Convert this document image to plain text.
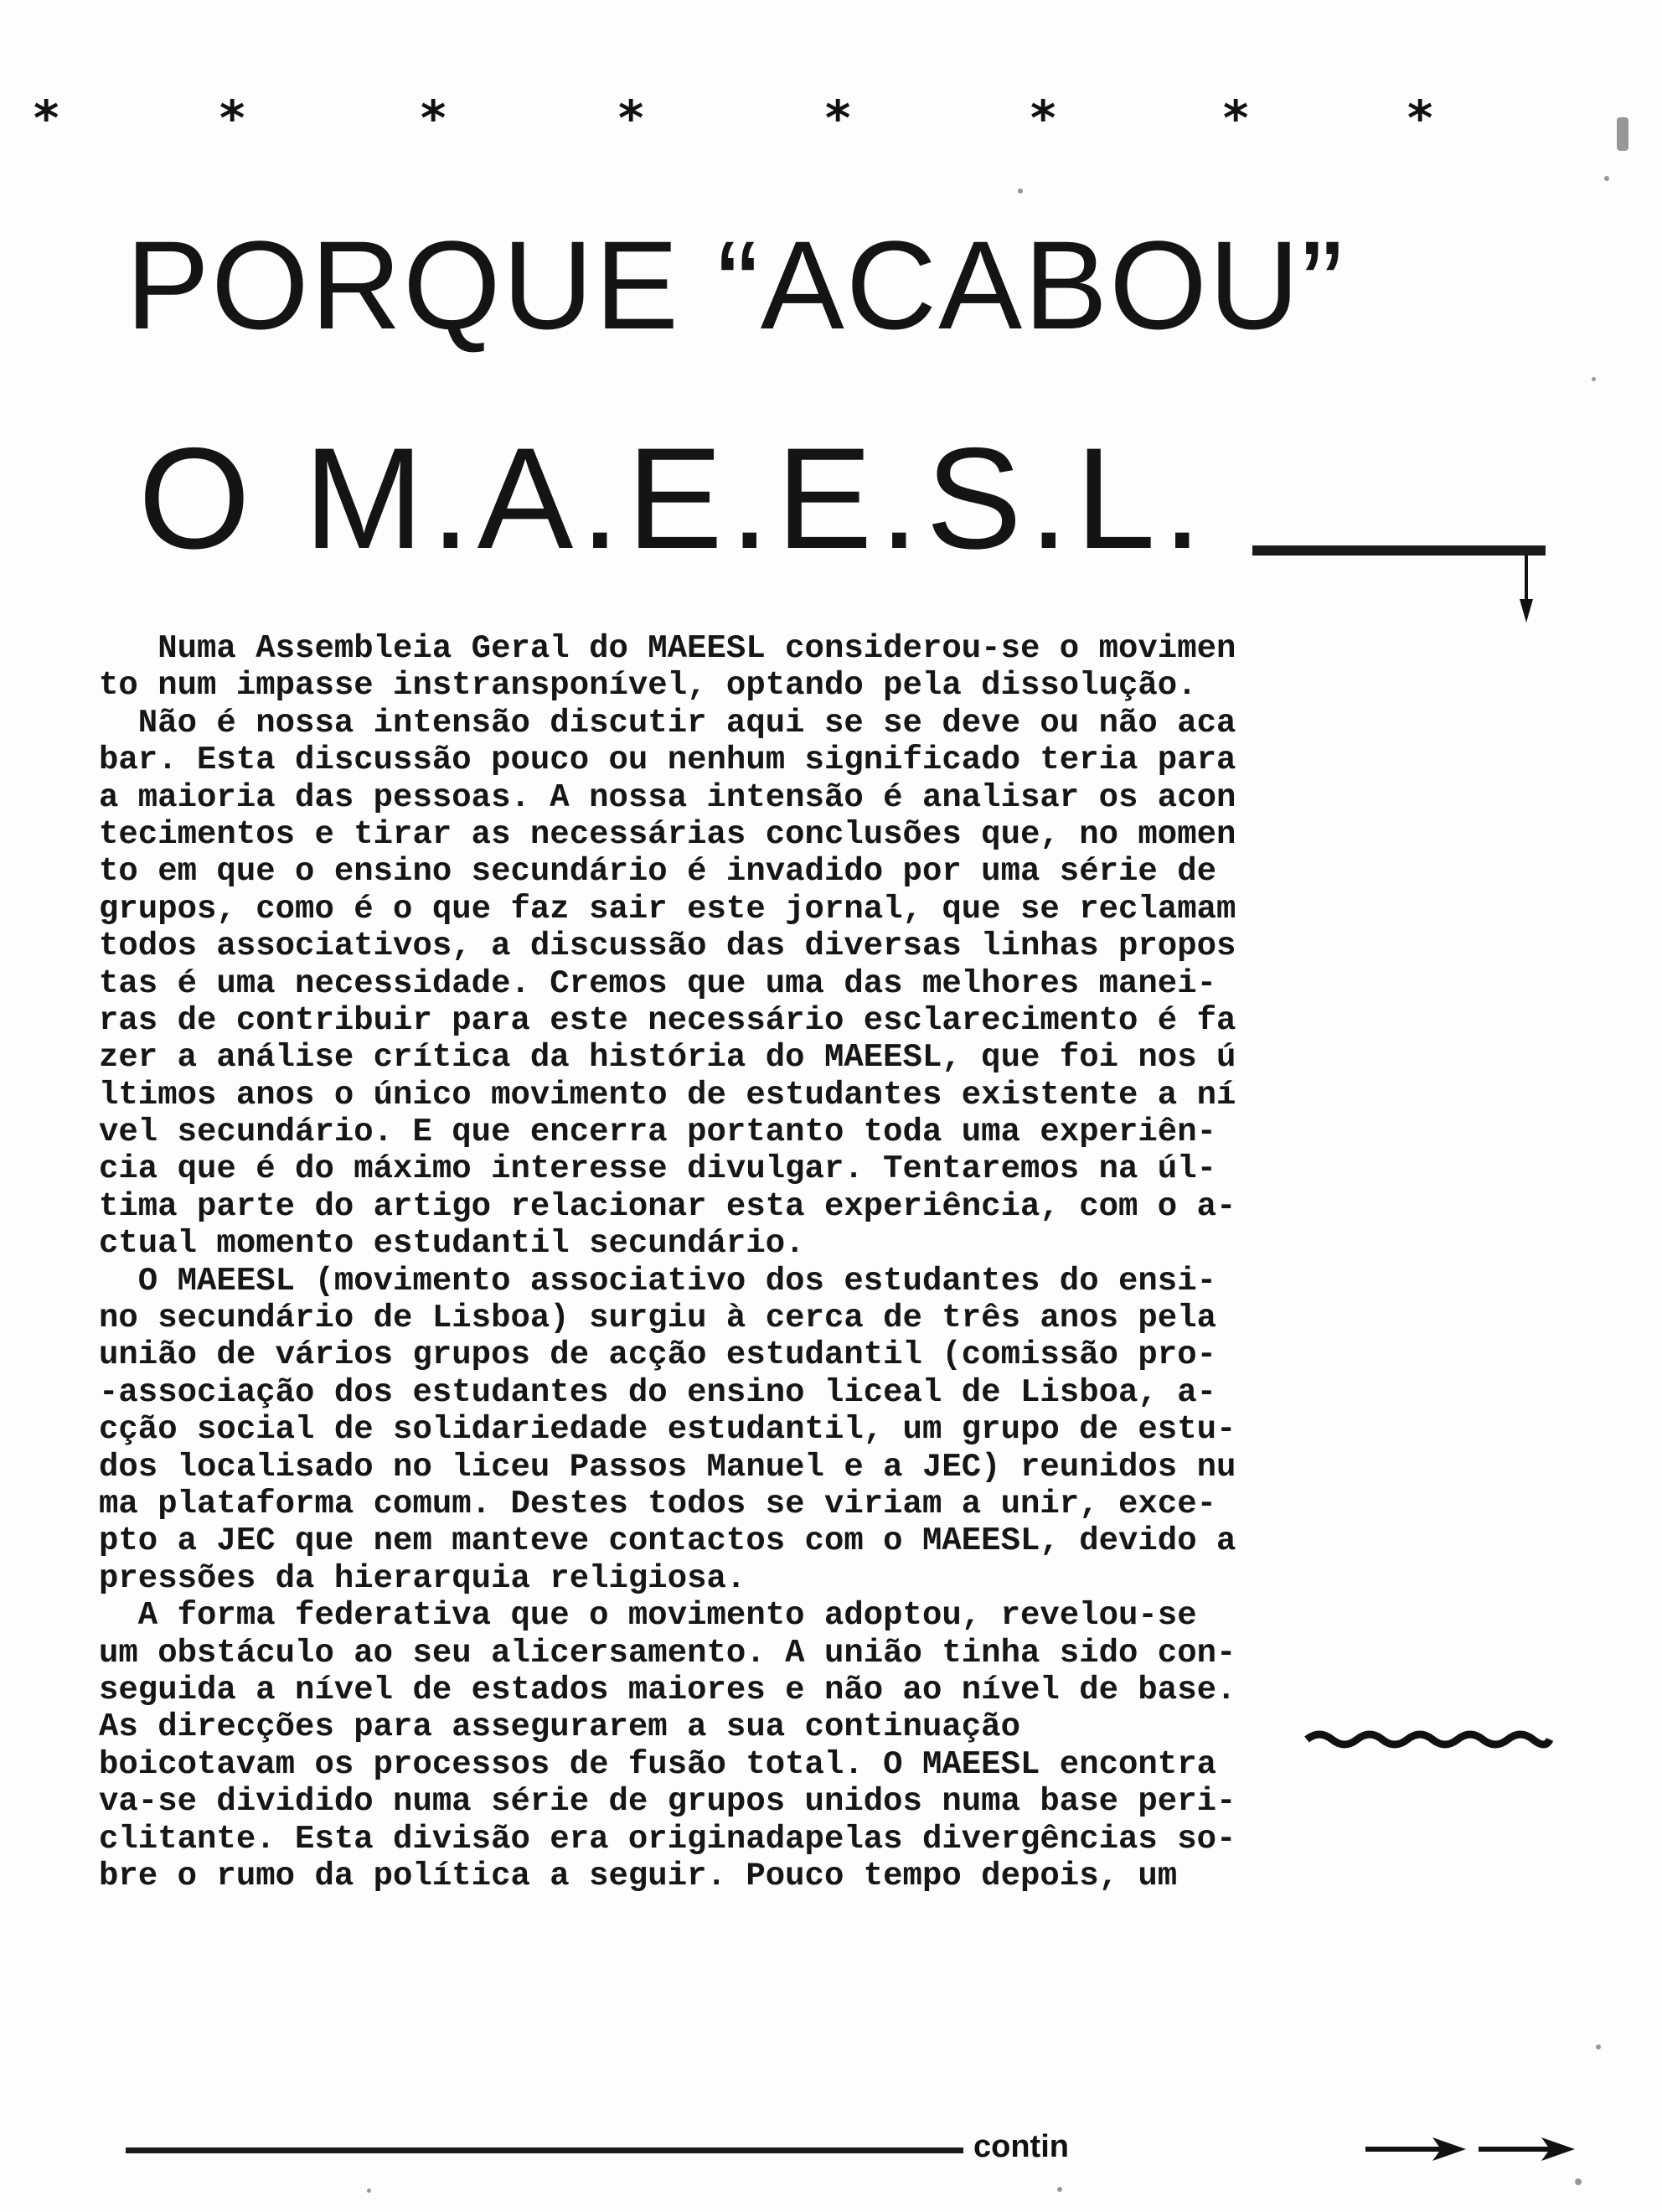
*	*	*	*	*	*	*	*
PORQUE “ACABOU”
O M.A.E.E.S.L.
Numa Assembleia Geral do MAEESL considerou-se o movimen
to num impasse instransponível, optando pela dissolução.
Não é nossa intensão discutir aqui se se deve ou não aca
bar. Esta discussão pouco ou nenhum significado teria para
a maioria das pessoas. A nossa intensão é analisar os acon
tecimentos e tirar as necessárias conclusões que, no momen
to em que o ensino secundário é invadido por uma série de
grupos, como é o que faz sair este jornal, que se reclamam
todos associativos, a discussão das diversas linhas propos
tas é uma necessidade. Cremos que uma das melhores manei-
ras de contribuir para este necessário esclarecimento é fa
zer a análise crítica da história do MAEESL, que foi nos ú
ltimos anos o único movimento de estudantes existente a ní
vel secundário. E que encerra portanto toda uma experiên-
cia que é do máximo interesse divulgar. Tentaremos na úl-
tima parte do artigo relacionar esta experiência, com o a-
ctual momento estudantil secundário.
O MAEESL (movimento associativo dos estudantes do ensi-
no secundário de Lisboa) surgiu à cerca de três anos pela
união de vários grupos de acção estudantil (comissão pro-
-associação dos estudantes do ensino liceal de Lisboa, a-
cção social de solidariedade estudantil, um grupo de estu-
dos localisado no liceu Passos Manuel e a JEC) reunidos nu
ma plataforma comum. Destes todos se viriam a unir, exce-
pto a JEC que nem manteve contactos com o MAEESL, devido a
pressões da hierarquia religiosa.
A forma federativa que o movimento adoptou, revelou-se
um obstáculo ao seu alicersamento. A união tinha sido con-
seguida a nível de estados maiores e não ao nível de base.
As direcções para assegurarem a sua continuação
boicotavam os processos de fusão total. O MAEESL encontra
va-se dividido numa série de grupos unidos numa base peri-
clitante. Esta divisão era originadapelas divergências so-
bre o rumo da política a seguir. Pouco tempo depois, um
contin
